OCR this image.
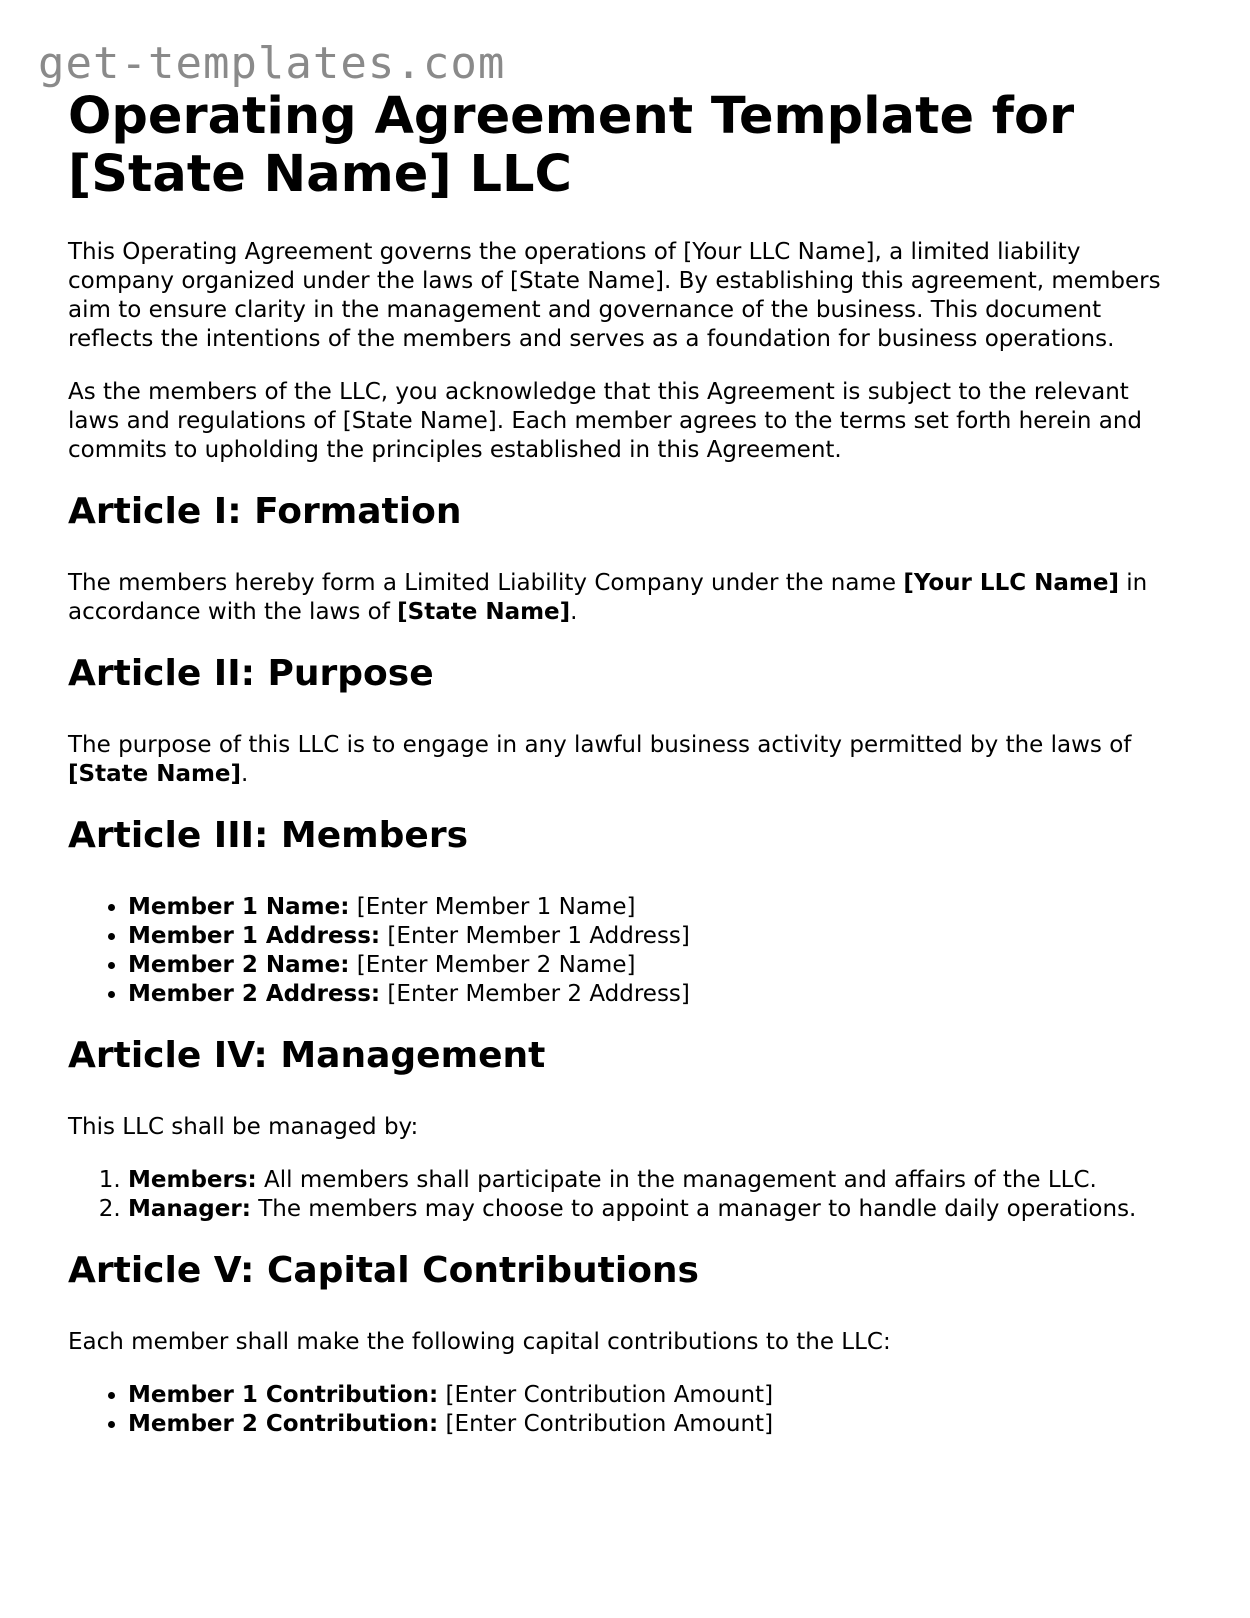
get-templates.com
Operating Agreement Template for [State Name] LLC

This Operating Agreement governs the operations of [Your LLC Name], a limited liability company organized under the laws of [State Name]. By establishing this agreement, members aim to ensure clarity in the management and governance of the business. This document reflects the intentions of the members and serves as a foundation for business operations.

As the members of the LLC, you acknowledge that this Agreement is subject to the relevant laws and regulations of [State Name]. Each member agrees to the terms set forth herein and commits to upholding the principles established in this Agreement.

Article I: Formation

The members hereby form a Limited Liability Company under the name [Your LLC Name] in accordance with the laws of [State Name].

Article II: Purpose

The purpose of this LLC is to engage in any lawful business activity permitted by the laws of [State Name].

Article III: Members
• Member 1 Name: [Enter Member 1 Name]
• Member 1 Address: [Enter Member 1 Address]
• Member 2 Name: [Enter Member 2 Name]
• Member 2 Address: [Enter Member 2 Address]
Article IV: Management

This LLC shall be managed by:

1. Members: All members shall participate in the management and affairs of the LLC.
2. Manager: The members may choose to appoint a manager to handle daily operations.
Article V: Capital Contributions

Each member shall make the following capital contributions to the LLC:

• Member 1 Contribution: [Enter Contribution Amount]
• Member 2 Contribution: [Enter Contribution Amount]
